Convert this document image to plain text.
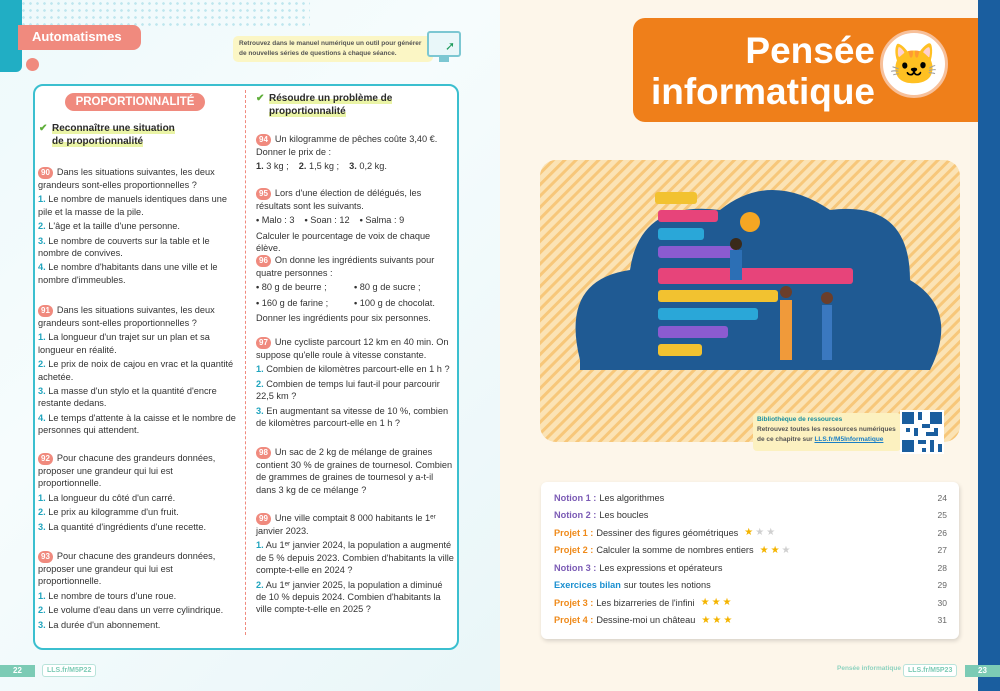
Automatismes	Retrouvez dans le manuel numérique un outil pour générer de nouvelles séries de questions à chaque séance.
➚
PROPORTIONNALITÉ
✔ Reconnaître une situation de proportionnalité
✔ Résoudre un problème de proportionnalité
90 Dans les situations suivantes, les deux grandeurs sont-elles proportionnelles ?
1. Le nombre de manuels identiques dans une pile et la masse de la pile.
2. L'âge et la taille d'une personne.
3. Le nombre de couverts sur la table et le nombre de convives.
4. Le nombre d'habitants dans une ville et le nombre d'immeubles.
91 Dans les situations suivantes, les deux grandeurs sont-elles proportionnelles ?
1. La longueur d'un trajet sur un plan et sa longueur en réalité.
2. Le prix de noix de cajou en vrac et la quantité achetée.
3. La masse d'un stylo et la quantité d'encre restante dedans.
4. Le temps d'attente à la caisse et le nombre de personnes qui attendent.
92 Pour chacune des grandeurs données, proposer une grandeur qui lui est proportionnelle.
1. La longueur du côté d'un carré.
2. Le prix au kilogramme d'un fruit.
3. La quantité d'ingrédients d'une recette.
93 Pour chacune des grandeurs données, proposer une grandeur qui lui est proportionnelle.
1. Le nombre de tours d'une roue.
2. Le volume d'eau dans un verre cylindrique.
3. La durée d'un abonnement.
94 Un kilogramme de pêches coûte 3,40 €. Donner le prix de :
1. 3 kg ; 2. 1,5 kg ; 3. 0,2 kg.
95 Lors d'une élection de délégués, les résultats sont les suivants.
• Malo : 3 • Soan : 12 • Salma : 9
Calculer le pourcentage de voix de chaque élève.
96 On donne les ingrédients suivants pour quatre personnes :
• 80 g de beurre ;	• 80 g de sucre ;
• 160 g de farine ;	• 100 g de chocolat.
Donner les ingrédients pour six personnes.
97 Une cycliste parcourt 12 km en 40 min. On suppose qu'elle roule à vitesse constante.
1. Combien de kilomètres parcourt-elle en 1 h ?
2. Combien de temps lui faut-il pour parcourir 22,5 km ?
3. En augmentant sa vitesse de 10 %, combien de kilomètres parcourt-elle en 1 h ?
98 Un sac de 2 kg de mélange de graines contient 30 % de graines de tournesol. Combien de grammes de graines de tournesol y a-t-il dans 3 kg de ce mélange ?
99 Une ville comptait 8 000 habitants le 1ᵉʳ janvier 2023.
1. Au 1ᵉʳ janvier 2024, la population a augmenté de 5 % depuis 2023. Combien d'habitants la ville compte-t-elle en 2024 ?
2. Au 1ᵉʳ janvier 2025, la population a diminué de 10 % depuis 2024. Combien d'habitants la ville compte-t-elle en 2025 ?
22	LLS.fr/M5P22
Pensée informatique
🐱
Bibliothèque de ressources
Retrouvez toutes les ressources numériques de ce chapitre sur LLS.fr/M5Informatique
Notion 1 : Les algorithmes	24
Notion 2 : Les boucles	25
Projet 1 : Dessiner des figures géométriques ★ ★ ★	26
Projet 2 : Calculer la somme de nombres entiers ★ ★ ★	27
Notion 3 : Les expressions et opérateurs	28
Exercices bilan sur toutes les notions	29
Projet 3 : Les bizarreries de l'infini ★ ★ ★	30
Projet 4 : Dessine-moi un château ★ ★ ★	31
Pensée informatique	LLS.fr/M5P23	23
